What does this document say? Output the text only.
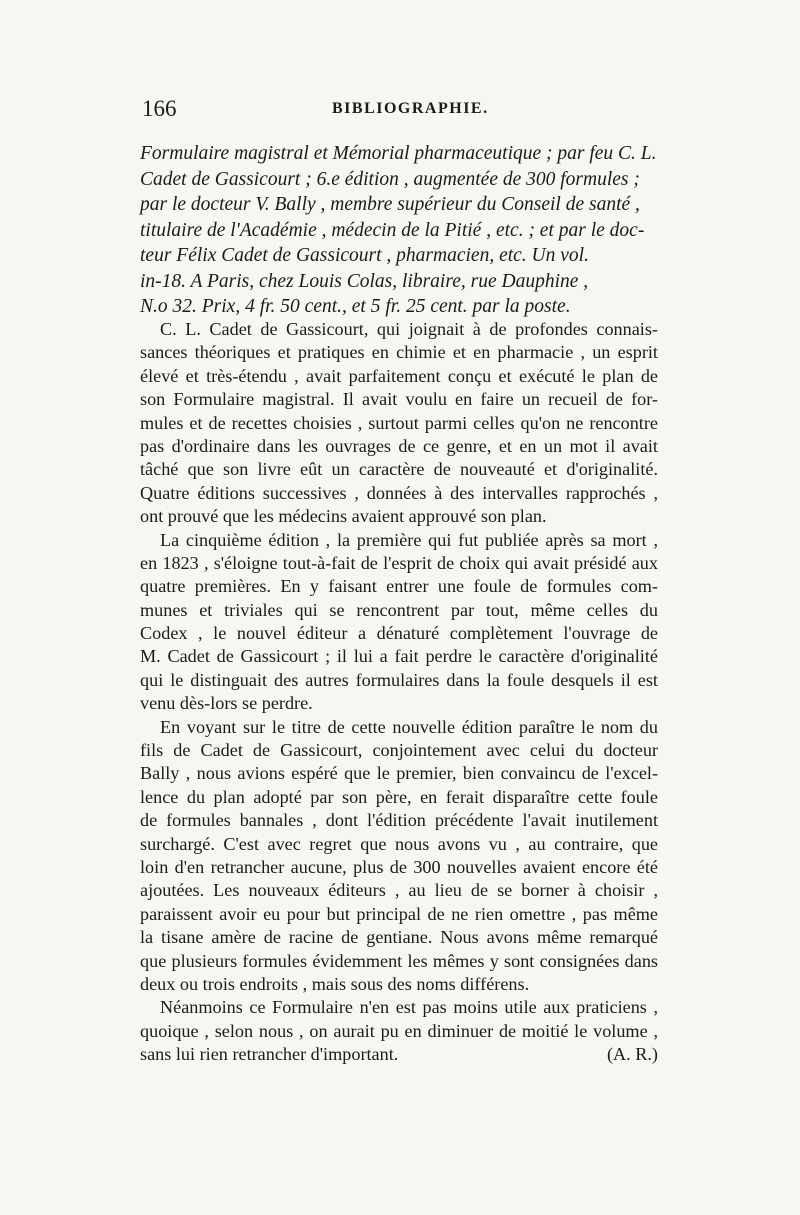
166	BIBLIOGRAPHIE.
Formulaire magistral et Mémorial pharmaceutique ; par feu C. L.
Cadet de Gassicourt ; 6.e édition , augmentée de 300 formules ;
par le docteur V. Bally , membre supérieur du Conseil de santé ,
titulaire de l'Académie , médecin de la Pitié , etc. ; et par le doc-
teur Félix Cadet de Gassicourt , pharmacien, etc. Un vol.
in-18. A Paris, chez Louis Colas, libraire, rue Dauphine ,
N.o 32. Prix, 4 fr. 50 cent., et 5 fr. 25 cent. par la poste.
C. L. Cadet de Gassicourt, qui joignait à de profondes connais-
sances théoriques et pratiques en chimie et en pharmacie , un esprit
élevé et très-étendu , avait parfaitement conçu et exécuté le plan de
son Formulaire magistral. Il avait voulu en faire un recueil de for-
mules et de recettes choisies , surtout parmi celles qu'on ne rencontre
pas d'ordinaire dans les ouvrages de ce genre, et en un mot il avait
tâché que son livre eût un caractère de nouveauté et d'originalité.
Quatre éditions successives , données à des intervalles rapprochés ,
ont prouvé que les médecins avaient approuvé son plan.
La cinquième édition , la première qui fut publiée après sa mort ,
en 1823 , s'éloigne tout-à-fait de l'esprit de choix qui avait présidé aux
quatre premières. En y faisant entrer une foule de formules com-
munes et triviales qui se rencontrent par tout, même celles du
Codex , le nouvel éditeur a dénaturé complètement l'ouvrage de
M. Cadet de Gassicourt ; il lui a fait perdre le caractère d'originalité
qui le distinguait des autres formulaires dans la foule desquels il est
venu dès-lors se perdre.
En voyant sur le titre de cette nouvelle édition paraître le nom du
fils de Cadet de Gassicourt, conjointement avec celui du docteur
Bally , nous avions espéré que le premier, bien convaincu de l'excel-
lence du plan adopté par son père, en ferait disparaître cette foule
de formules bannales , dont l'édition précédente l'avait inutilement
surchargé. C'est avec regret que nous avons vu , au contraire, que
loin d'en retrancher aucune, plus de 300 nouvelles avaient encore été
ajoutées. Les nouveaux éditeurs , au lieu de se borner à choisir ,
paraissent avoir eu pour but principal de ne rien omettre , pas même
la tisane amère de racine de gentiane. Nous avons même remarqué
que plusieurs formules évidemment les mêmes y sont consignées dans
deux ou trois endroits , mais sous des noms différens.
Néanmoins ce Formulaire n'en est pas moins utile aux praticiens ,
quoique , selon nous , on aurait pu en diminuer de moitié le volume ,
sans lui rien retrancher d'important.	(A. R.)
